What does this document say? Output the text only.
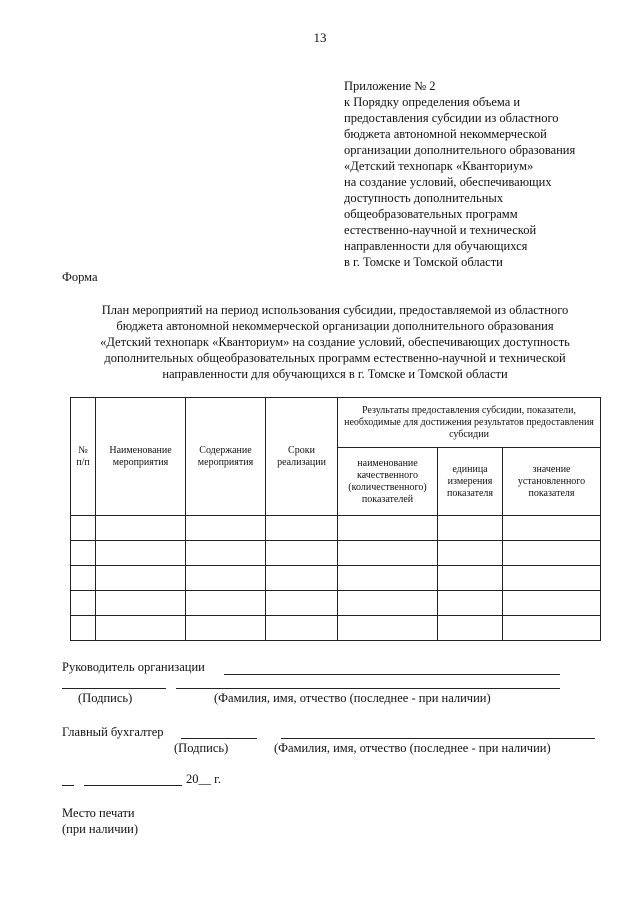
13
Приложение № 2
к Порядку определения объема и
предоставления субсидии из областного
бюджета автономной некоммерческой
организации дополнительного образования
«Детский технопарк «Кванториум»
на создание условий, обеспечивающих
доступность дополнительных
общеобразовательных программ
естественно-научной и технической
направленности для обучающихся
в г. Томске и Томской области
Форма
План мероприятий на период использования субсидии, предоставляемой из областного
бюджета автономной некоммерческой организации дополнительного образования
«Детский технопарк «Кванториум» на создание условий, обеспечивающих доступность
дополнительных общеобразовательных программ естественно-научной и технической
направленности для обучающихся в г. Томске и Томской области
№ п/п	Наименование мероприятия	Содержание мероприятия	Сроки реализации	Результаты предоставления субсидии, показатели, необходимые для достижения результатов предоставления субсидии		
				наименование качественного (количественного) показателей	единица измерения показателя	значение установленного показателя

Руководитель организации
(Подпись)	(Фамилия, имя, отчество (последнее - при наличии)
Главный бухгалтер
(Подпись)	(Фамилия, имя, отчество (последнее - при наличии)
20__ г.
Место печати
(при наличии)
